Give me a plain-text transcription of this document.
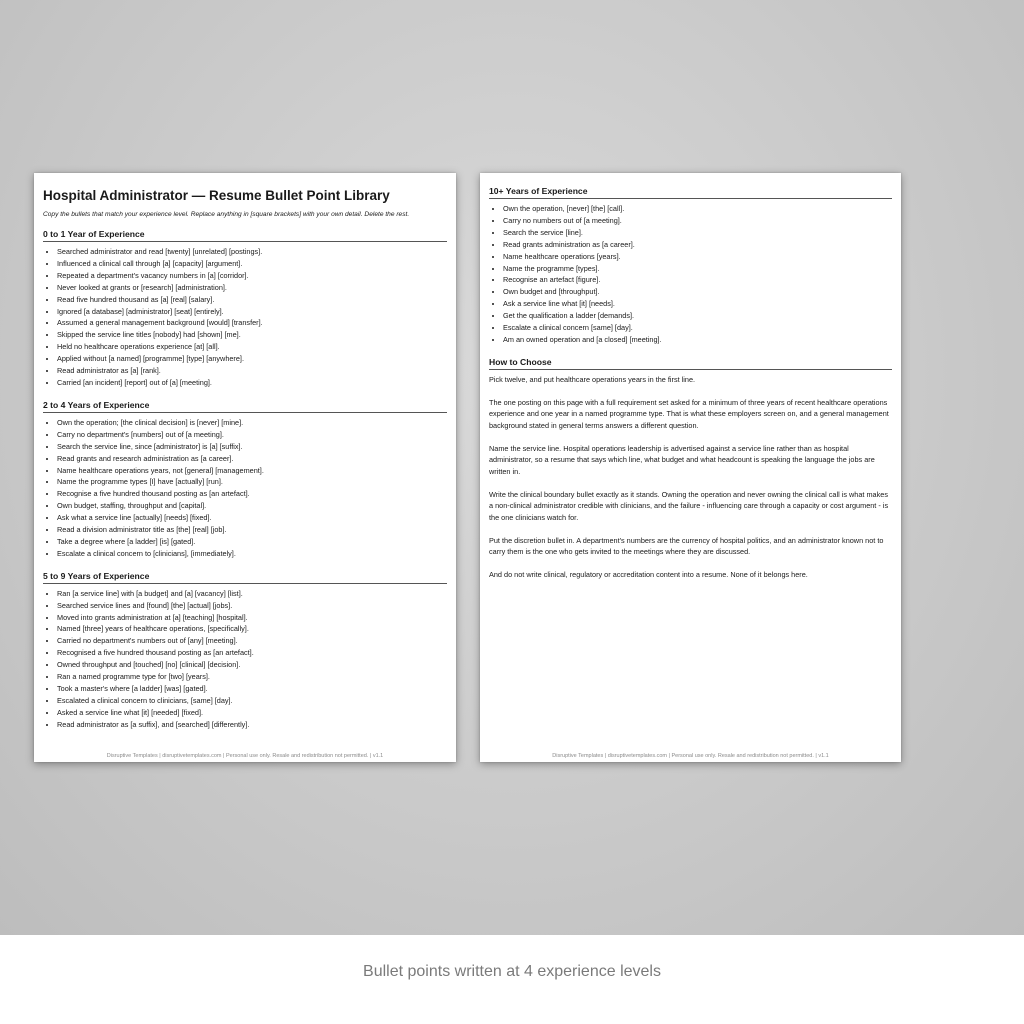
Hospital Administrator — Resume Bullet Point Library

Copy the bullets that match your experience level. Replace anything in [square brackets] with your own detail. Delete the rest.

0 to 1 Year of Experience
• Searched administrator and read [twenty] [unrelated] [postings].
• Influenced a clinical call through [a] [capacity] [argument].
• Repeated a department's vacancy numbers in [a] [corridor].
• Never looked at grants or [research] [administration].
• Read five hundred thousand as [a] [real] [salary].
• Ignored [a database] [administrator] [seat] [entirely].
• Assumed a general management background [would] [transfer].
• Skipped the service line titles [nobody] had [shown] [me].
• Held no healthcare operations experience [at] [all].
• Applied without [a named] [programme] [type] [anywhere].
• Read administrator as [a] [rank].
• Carried [an incident] [report] out of [a] [meeting].
2 to 4 Years of Experience
• Own the operation; [the clinical decision] is [never] [mine].
• Carry no department's [numbers] out of [a meeting].
• Search the service line, since [administrator] is [a] [suffix].
• Read grants and research administration as [a career].
• Name healthcare operations years, not [general] [management].
• Name the programme types [I] have [actually] [run].
• Recognise a five hundred thousand posting as [an artefact].
• Own budget, staffing, throughput and [capital].
• Ask what a service line [actually] [needs] [fixed].
• Read a division administrator title as [the] [real] [job].
• Take a degree where [a ladder] [is] [gated].
• Escalate a clinical concern to [clinicians], [immediately].
5 to 9 Years of Experience
• Ran [a service line] with [a budget] and [a] [vacancy] [list].
• Searched service lines and [found] [the] [actual] [jobs].
• Moved into grants administration at [a] [teaching] [hospital].
• Named [three] years of healthcare operations, [specifically].
• Carried no department's numbers out of [any] [meeting].
• Recognised a five hundred thousand posting as [an artefact].
• Owned throughput and [touched] [no] [clinical] [decision].
• Ran a named programme type for [two] [years].
• Took a master's where [a ladder] [was] [gated].
• Escalated a clinical concern to clinicians, [same] [day].
• Asked a service line what [it] [needed] [fixed].
• Read administrator as [a suffix], and [searched] [differently].
Disruptive Templates | disruptivetemplates.com | Personal use only. Resale and redistribution not permitted. | v1.1
10+ Years of Experience
• Own the operation, [never] [the] [call].
• Carry no numbers out of [a meeting].
• Search the service [line].
• Read grants administration as [a career].
• Name healthcare operations [years].
• Name the programme [types].
• Recognise an artefact [figure].
• Own budget and [throughput].
• Ask a service line what [it] [needs].
• Get the qualification a ladder [demands].
• Escalate a clinical concern [same] [day].
• Am an owned operation and [a closed] [meeting].
How to Choose

Pick twelve, and put healthcare operations years in the first line.

The one posting on this page with a full requirement set asked for a minimum of three years of recent healthcare operations experience and one year in a named programme type. That is what these employers screen on, and a general management background stated in general terms answers a different question.

Name the service line. Hospital operations leadership is advertised against a service line rather than as hospital administrator, so a resume that says which line, what budget and what headcount is speaking the language the jobs are written in.

Write the clinical boundary bullet exactly as it stands. Owning the operation and never owning the clinical call is what makes a non-clinical administrator credible with clinicians, and the failure - influencing care through a capacity or cost argument - is the one clinicians watch for.

Put the discretion bullet in. A department's numbers are the currency of hospital politics, and an administrator known not to carry them is the one who gets invited to the meetings where they are discussed.

And do not write clinical, regulatory or accreditation content into a resume. None of it belongs here.

Disruptive Templates | disruptivetemplates.com | Personal use only. Resale and redistribution not permitted. | v1.1
Bullet points written at 4 experience levels
